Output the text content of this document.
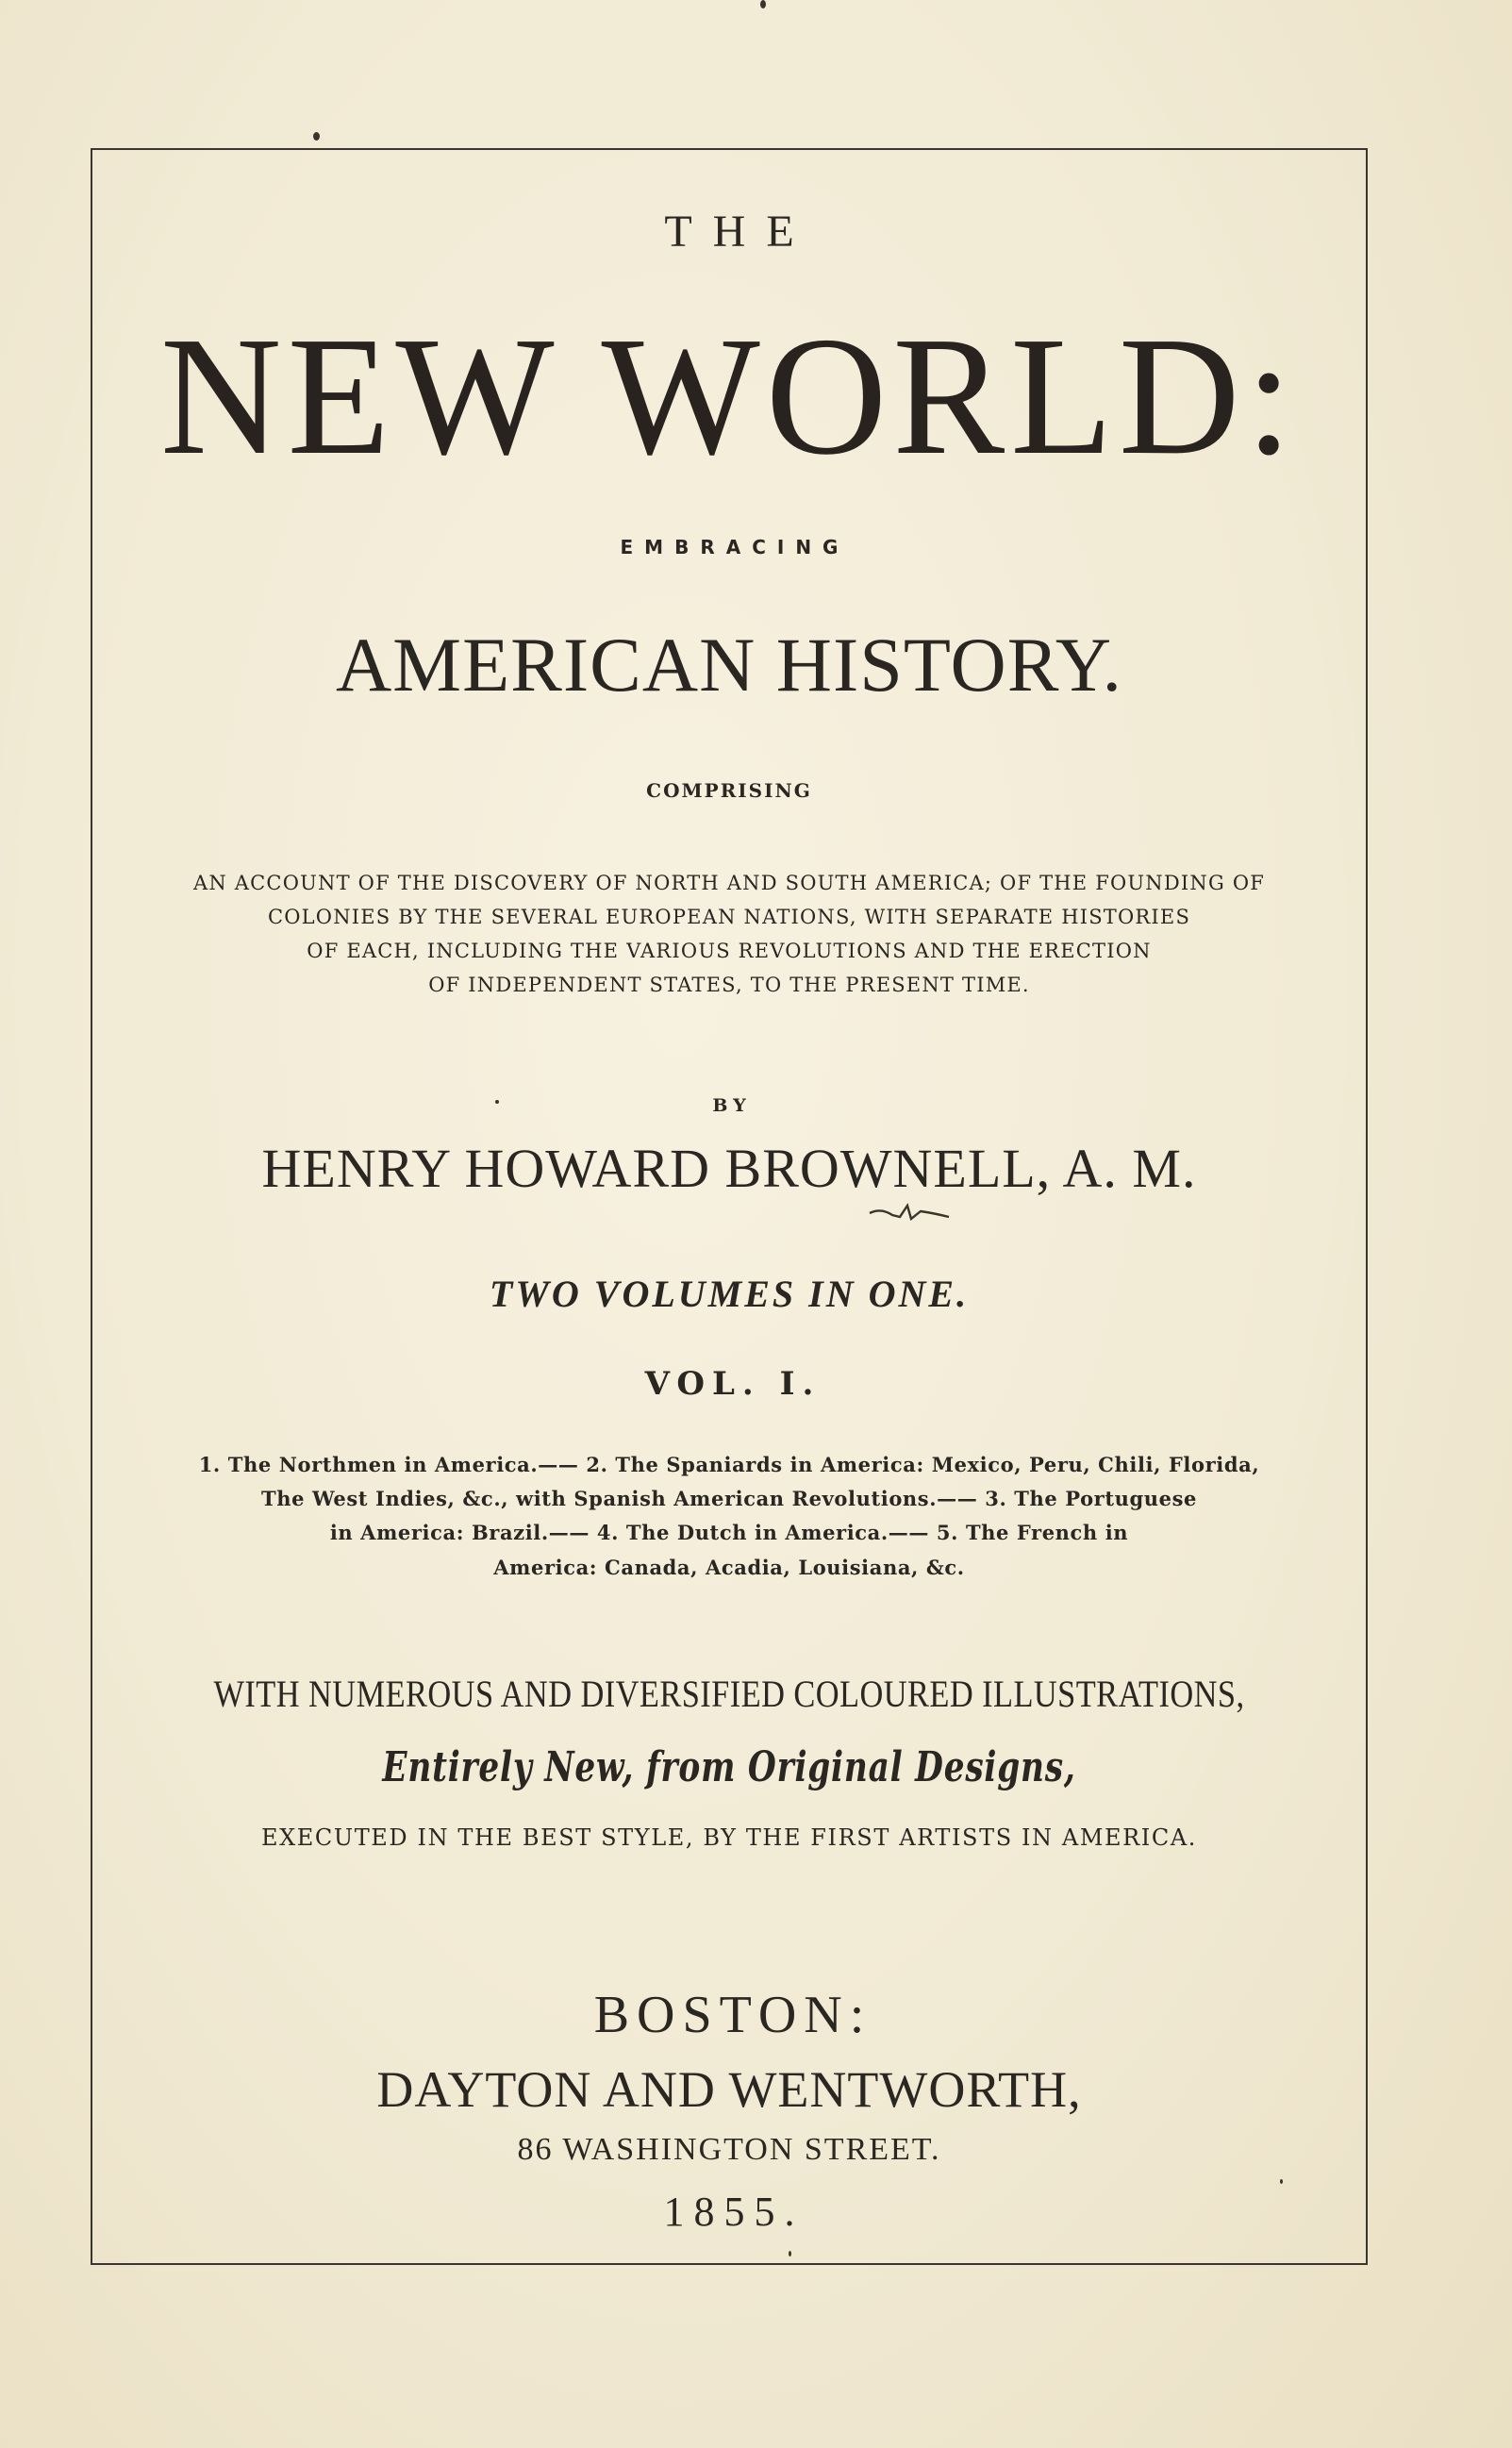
THE
NEW WORLD:
EMBRACING
AMERICAN HISTORY.
COMPRISING
AN ACCOUNT OF THE DISCOVERY OF NORTH AND SOUTH AMERICA; OF THE FOUNDING OF
COLONIES BY THE SEVERAL EUROPEAN NATIONS, WITH SEPARATE HISTORIES
OF EACH, INCLUDING THE VARIOUS REVOLUTIONS AND THE ERECTION
OF INDEPENDENT STATES, TO THE PRESENT TIME.
BY
HENRY HOWARD BROWNELL, A. M.
TWO VOLUMES IN ONE.
VOL. I.
1. The Northmen in America.—— 2. The Spaniards in America: Mexico, Peru, Chili, Florida,
The West Indies, &c., with Spanish American Revolutions.—— 3. The Portuguese
in America: Brazil.—— 4. The Dutch in America.—— 5. The French in
America: Canada, Acadia, Louisiana, &c.
WITH NUMEROUS AND DIVERSIFIED COLOURED ILLUSTRATIONS,
Entirely New, from Original Designs,
EXECUTED IN THE BEST STYLE, BY THE FIRST ARTISTS IN AMERICA.
BOSTON:
DAYTON AND WENTWORTH,
86 WASHINGTON STREET.
1855.
